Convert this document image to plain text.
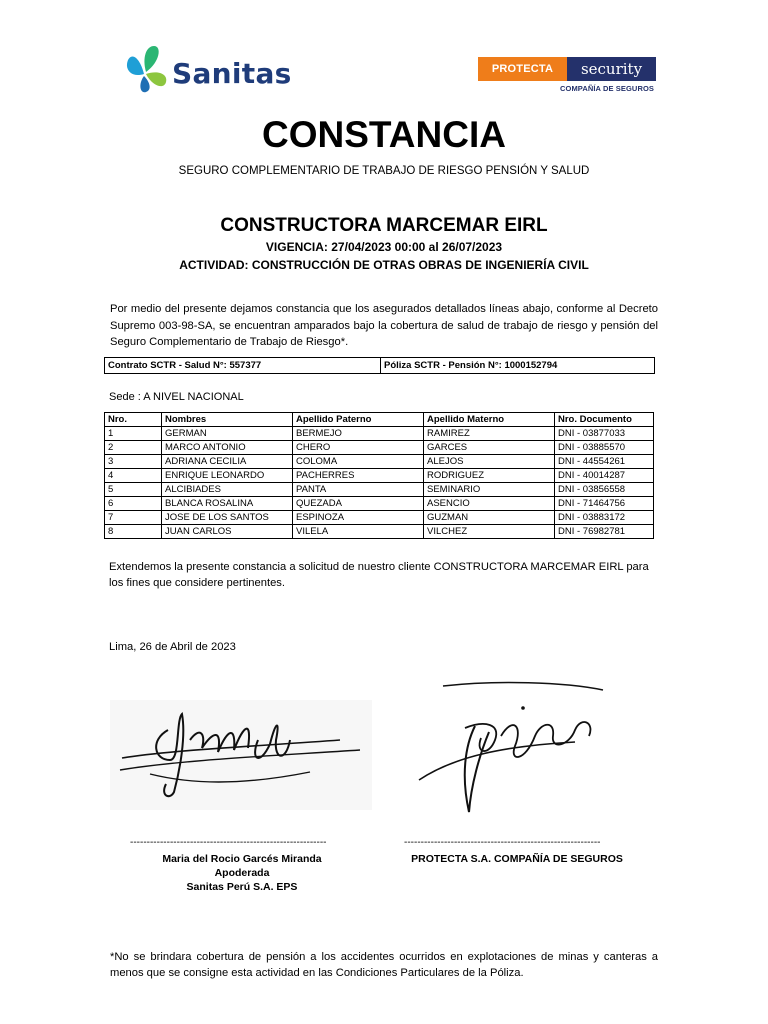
Sanitas	PROTECTA	security
COMPAÑÍA DE SEGUROS
CONSTANCIA
SEGURO COMPLEMENTARIO DE TRABAJO DE RIESGO PENSIÓN Y SALUD
CONSTRUCTORA MARCEMAR EIRL
VIGENCIA: 27/04/2023 00:00 al 26/07/2023
ACTIVIDAD: CONSTRUCCIÓN DE OTRAS OBRAS DE INGENIERÍA CIVIL
Por medio del presente dejamos constancia que los asegurados detallados líneas abajo, conforme al Decreto Supremo 003-98-SA, se encuentran amparados bajo la cobertura de salud de trabajo de riesgo y pensión del Seguro Complementario de Trabajo de Riesgo*.
Contrato SCTR - Salud N°: 557377	Póliza SCTR - Pensión N°: 1000152794
Sede : A NIVEL NACIONAL
Nro.	Nombres	Apellido Paterno	Apellido Materno	Nro. Documento
1	GERMAN	BERMEJO	RAMIREZ	DNI - 03877033
2	MARCO ANTONIO	CHERO	GARCES	DNI - 03885570
3	ADRIANA CECILIA	COLOMA	ALEJOS	DNI - 44554261
4	ENRIQUE LEONARDO	PACHERRES	RODRIGUEZ	DNI - 40014287
5	ALCIBIADES	PANTA	SEMINARIO	DNI - 03856558
6	BLANCA ROSALINA	QUEZADA	ASENCIO	DNI - 71464756
7	JOSE DE LOS SANTOS	ESPINOZA	GUZMAN	DNI - 03883172
8	JUAN CARLOS	VILELA	VILCHEZ	DNI - 76982781
Extendemos la presente constancia a solicitud de nuestro cliente CONSTRUCTORA MARCEMAR EIRL para los fines que considere pertinentes.
Lima, 26 de Abril de 2023
-----------------------------------------------------------	-----------------------------------------------------------
Maria del Rocio Garcés Miranda
Apoderada
Sanitas Perú S.A. EPS
PROTECTA S.A. COMPAÑÍA DE SEGUROS
*No se brindara cobertura de pensión a los accidentes ocurridos en explotaciones de minas y canteras a menos que se consigne esta actividad en las Condiciones Particulares de la Póliza.
